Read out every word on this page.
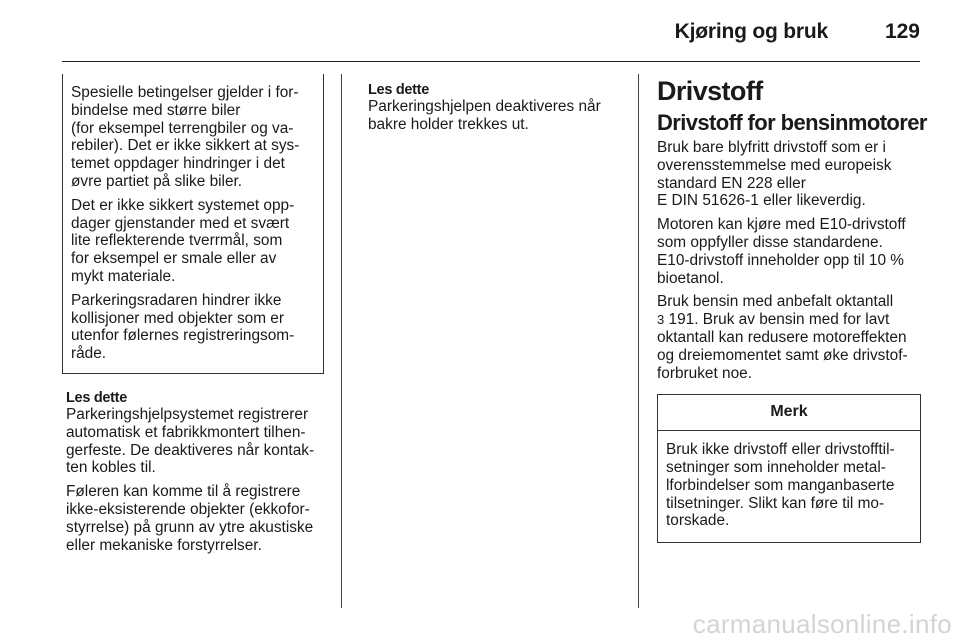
Kjøring og bruk	129

Spesielle betingelser gjelder i for-
bindelse med større biler
(for eksempel terrengbiler og va-
rebiler). Det er ikke sikkert at sys-
temet oppdager hindringer i det
øvre partiet på slike biler.

Det er ikke sikkert systemet opp-
dager gjenstander med et svært
lite reflekterende tverrmål, som
for eksempel er smale eller av
mykt materiale.

Parkeringsradaren hindrer ikke
kollisjoner med objekter som er
utenfor følernes registreringsom-
råde.

Les dette

Parkeringshjelpsystemet registrerer
automatisk et fabrikkmontert tilhen-
gerfeste. De deaktiveres når kontak-
ten kobles til.

Føleren kan komme til å registrere
ikke-eksisterende objekter (ekkofor-
styrrelse) på grunn av ytre akustiske
eller mekaniske forstyrrelser.

Les dette

Parkeringshjelpen deaktiveres når
bakre holder trekkes ut.

Drivstoff
Drivstoff for bensinmotorer

Bruk bare blyfritt drivstoff som er i
overensstemmelse med europeisk
standard EN 228 eller
E DIN 51626-1 eller likeverdig.

Motoren kan kjøre med E10-drivstoff
som oppfyller disse standardene.
E10-drivstoff inneholder opp til 10 %
bioetanol.

Bruk bensin med anbefalt oktantall
3 191. Bruk av bensin med for lavt
oktantall kan redusere motoreffekten
og dreiemomentet samt øke drivstof-
forbruket noe.

Merk
Bruk ikke drivstoff eller drivstofftil-
setninger som inneholder metal-
lforbindelser som manganbaserte
tilsetninger. Slikt kan føre til mo-
torskade.
carmanualsonline.info
